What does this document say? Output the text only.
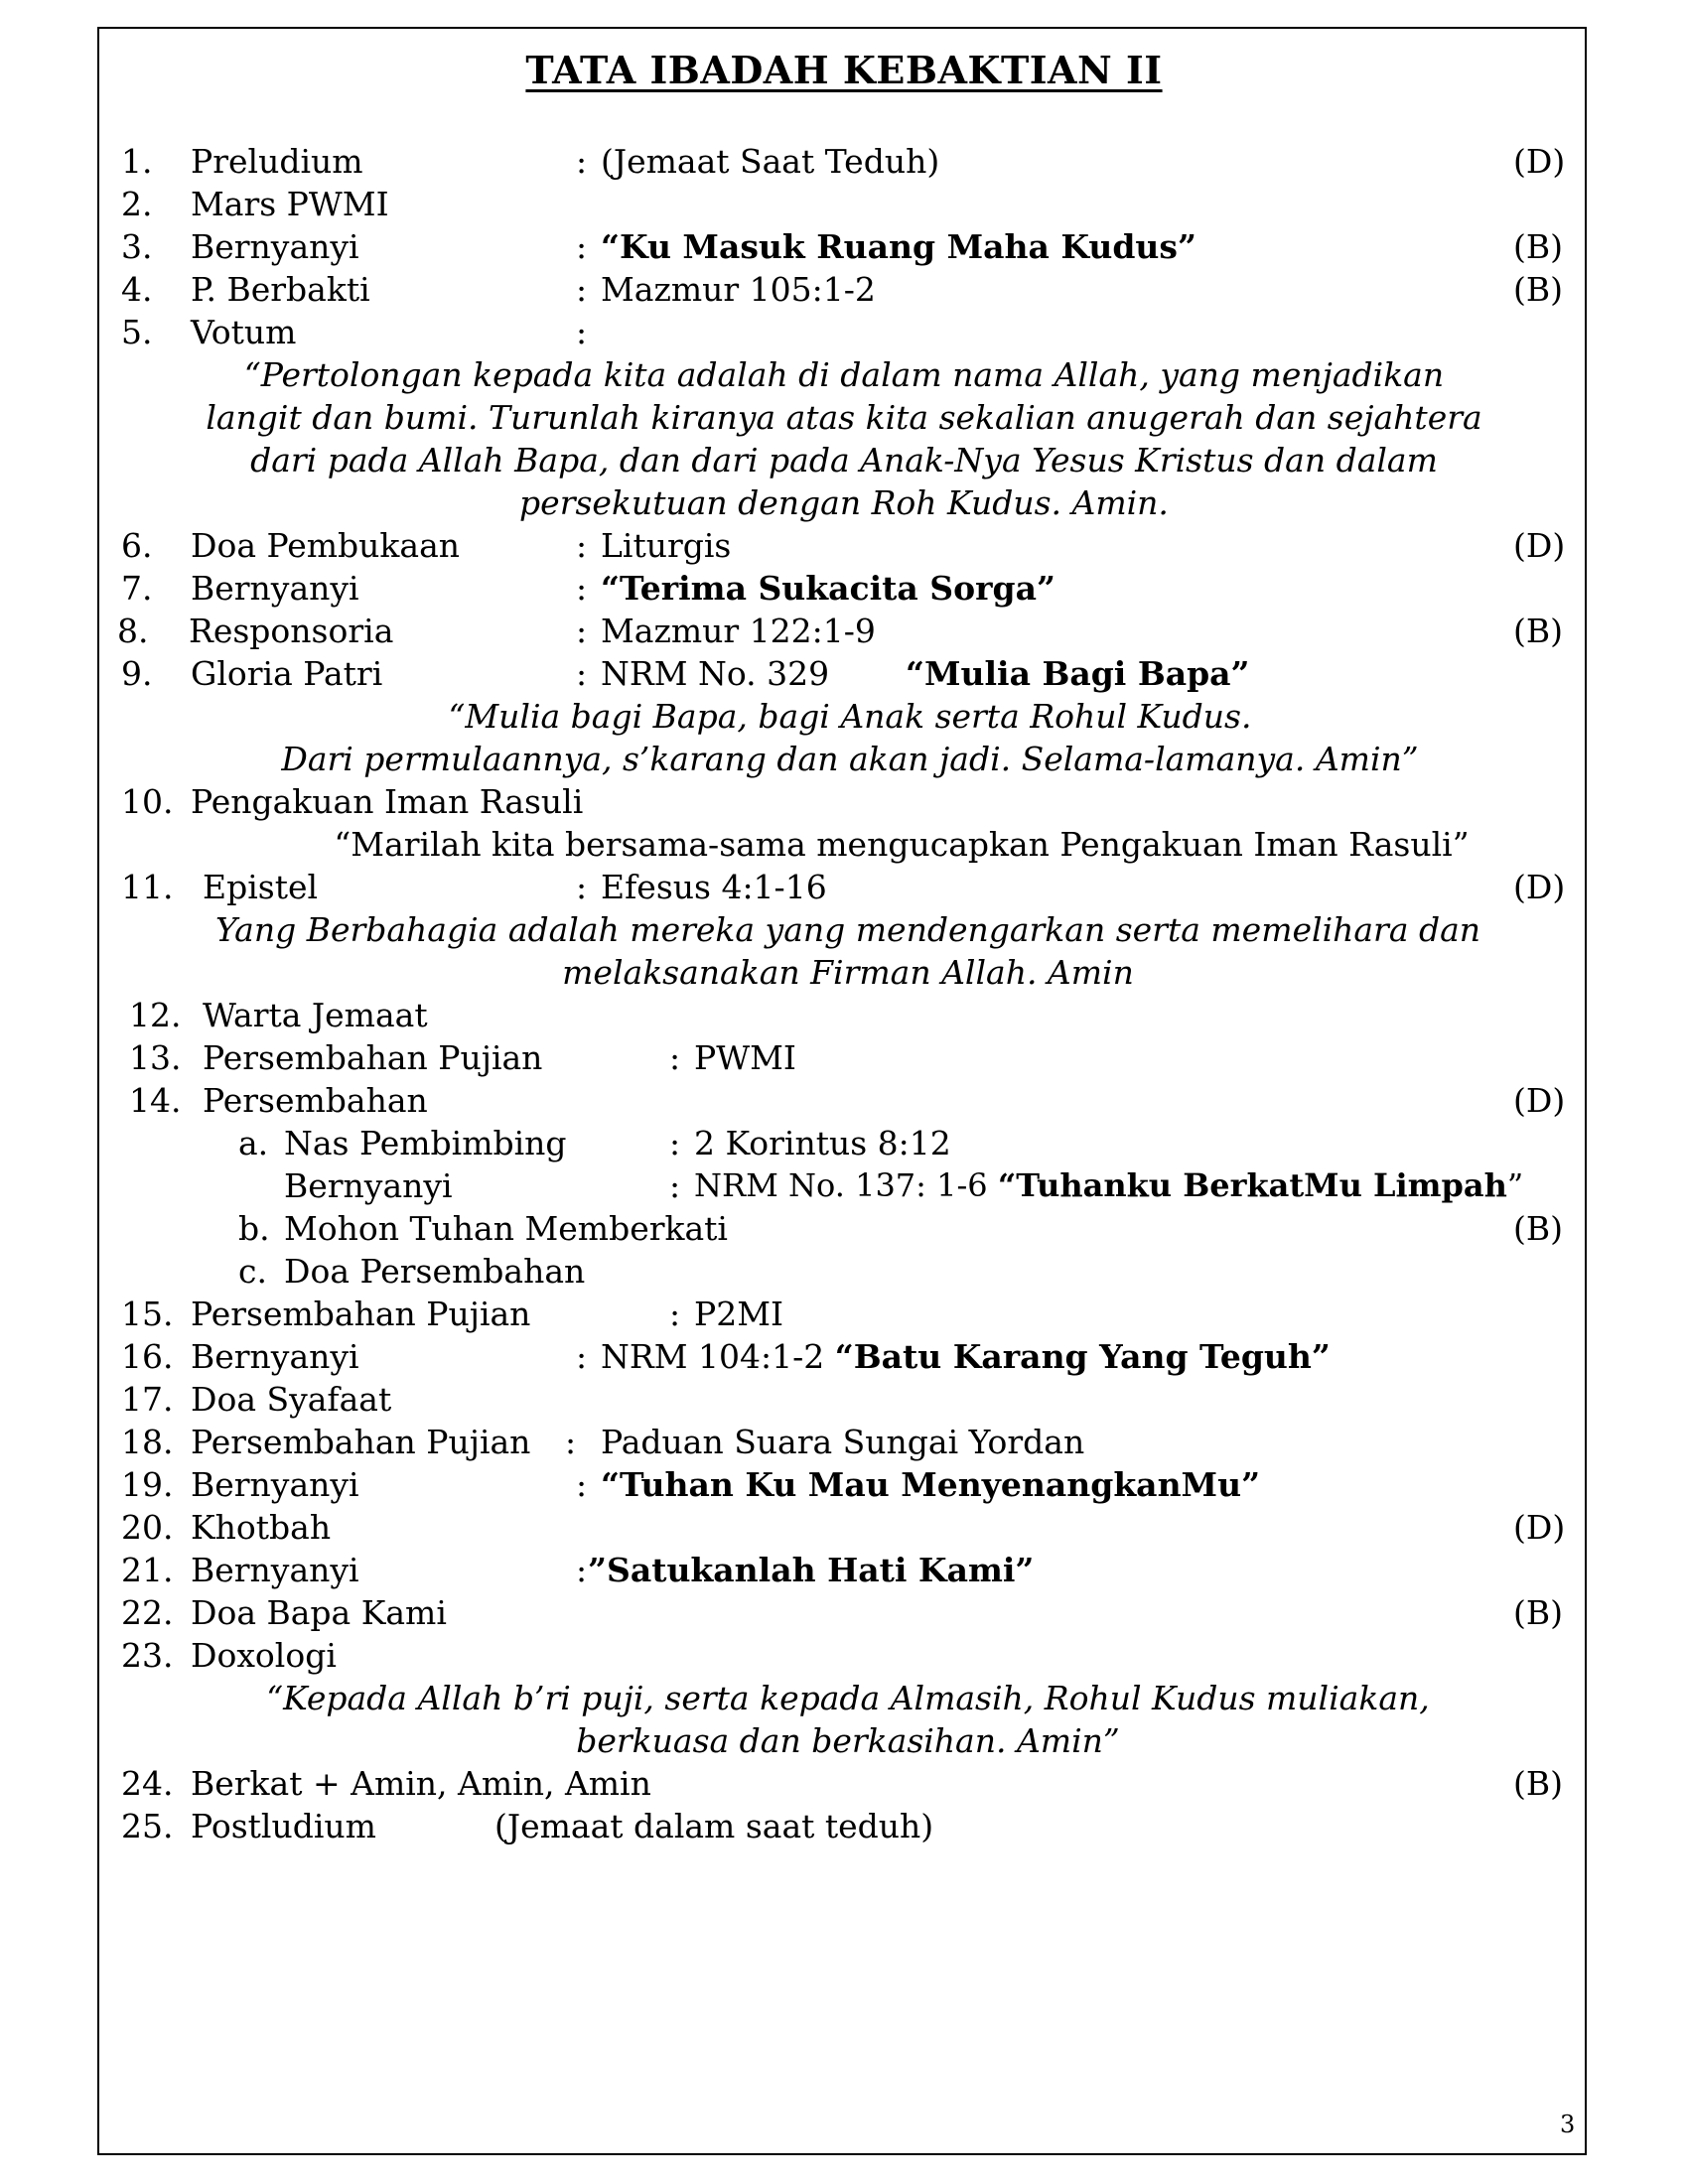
TATA IBADAH KEBAKTIAN II
1. Preludium	: (Jemaat Saat Teduh)	(D)
2. Mars PWMI
3. Bernyanyi	: “Ku Masuk Ruang Maha Kudus”	(B)
4. P. Berbakti	: Mazmur 105:1-2	(B)
5. Votum	:
“Pertolongan kepada kita adalah di dalam nama Allah, yang menjadikan
langit dan bumi. Turunlah kiranya atas kita sekalian anugerah dan sejahtera
dari pada Allah Bapa, dan dari pada Anak-Nya Yesus Kristus dan dalam
persekutuan dengan Roh Kudus. Amin.
6. Doa Pembukaan	: Liturgis	(D)
7. Bernyanyi	: “Terima Sukacita Sorga”
8. Responsoria	: Mazmur 122:1-9	(B)
9. Gloria Patri	: NRM No. 329 “Mulia Bagi Bapa”
“Mulia bagi Bapa, bagi Anak serta Rohul Kudus.
Dari permulaannya, s’karang dan akan jadi. Selama-lamanya. Amin”
10. Pengakuan Iman Rasuli
“Marilah kita bersama-sama mengucapkan Pengakuan Iman Rasuli”
11. Epistel	: Efesus 4:1-16	(D)
Yang Berbahagia adalah mereka yang mendengarkan serta memelihara dan
melaksanakan Firman Allah. Amin
12. Warta Jemaat
13. Persembahan Pujian	: PWMI
14. Persembahan	(D)
a. Nas Pembimbing	: 2 Korintus 8:12
Bernyanyi	: NRM No. 137: 1-6 “Tuhanku BerkatMu Limpah”
b. Mohon Tuhan Memberkati	(B)
c. Doa Persembahan
15. Persembahan Pujian	: P2MI
16. Bernyanyi	: NRM 104:1-2 “Batu Karang Yang Teguh”
17. Doa Syafaat
18. Persembahan Pujian : Paduan Suara Sungai Yordan
19. Bernyanyi	: “Tuhan Ku Mau MenyenangkanMu”
20. Khotbah	(D)
21. Bernyanyi	: ”Satukanlah Hati Kami”
22. Doa Bapa Kami	(B)
23. Doxologi
“Kepada Allah b’ri puji, serta kepada Almasih, Rohul Kudus muliakan,
berkuasa dan berkasihan. Amin”
24. Berkat + Amin, Amin, Amin	(B)
25. Postludium	(Jemaat dalam saat teduh)
3
